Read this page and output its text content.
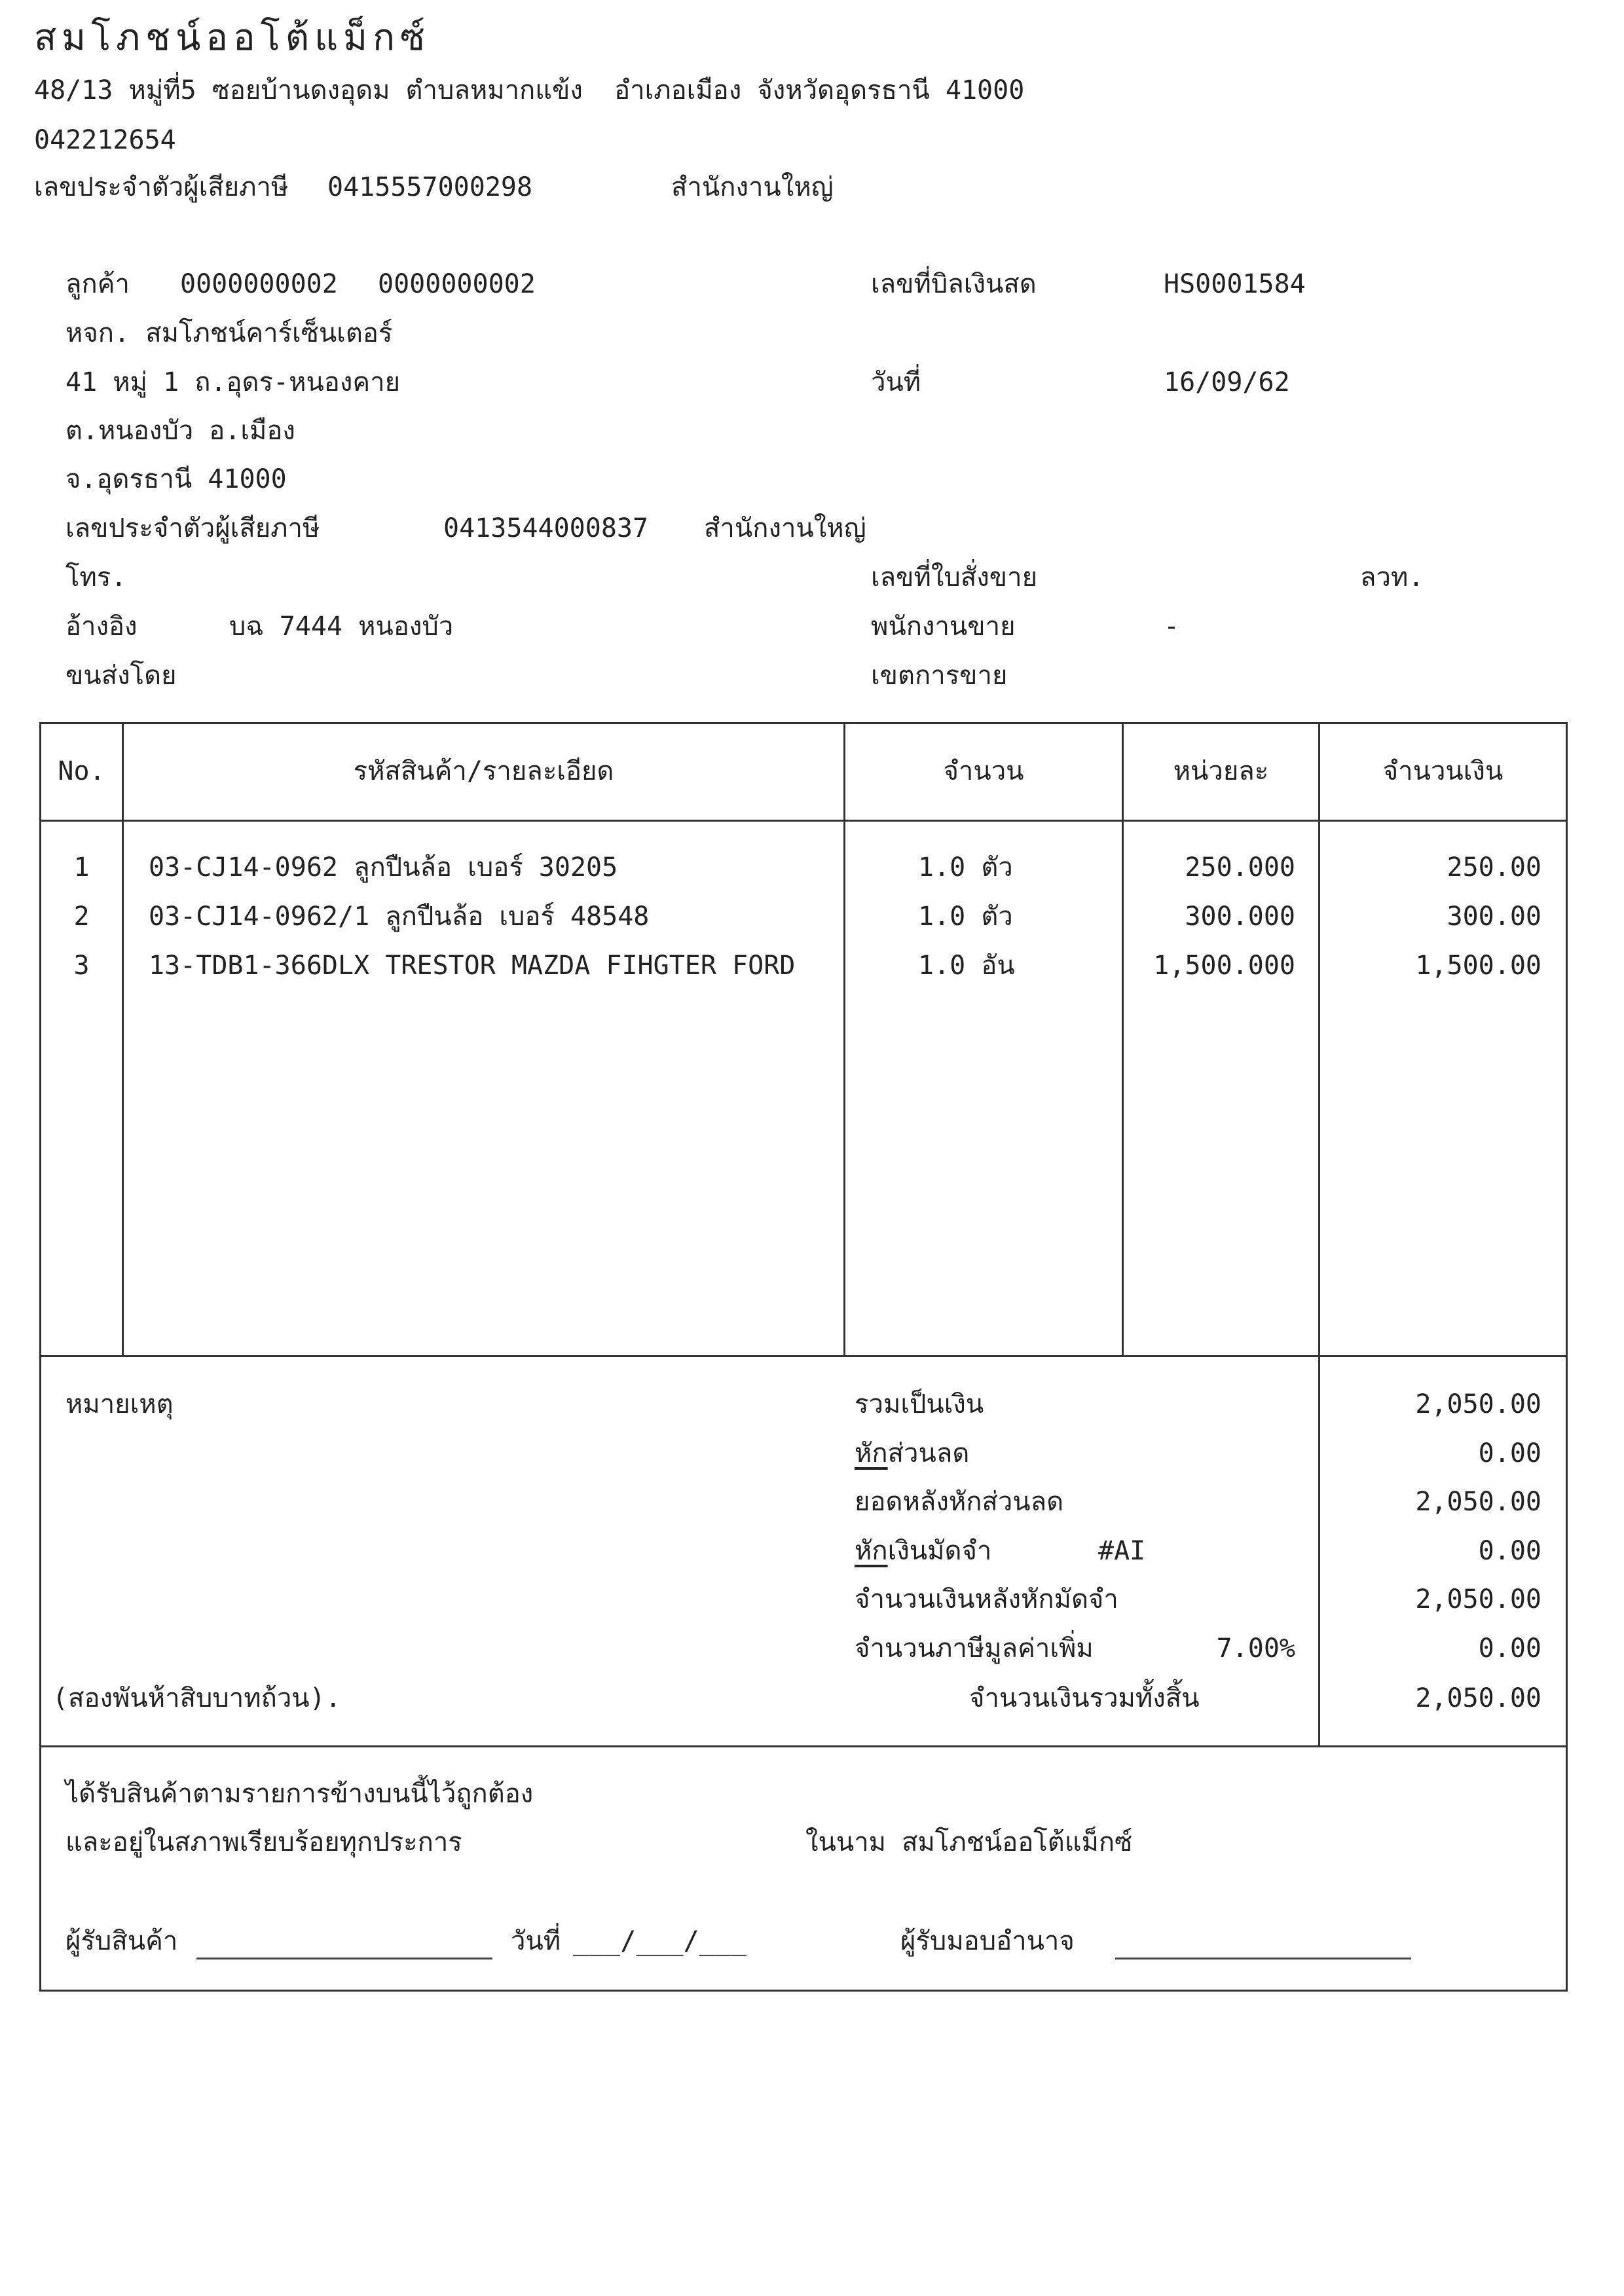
สมโภชน์ออโต้แม็กซ์
48/13 หมู่ที่5 ซอยบ้านดงอุดม ตำบลหมากแข้ง  อำเภอเมือง จังหวัดอุดรธานี 41000
042212654
เลขประจำตัวผู้เสียภาษี 0415557000298	สำนักงานใหญ่
ลูกค้า 0000000002 0000000002
หจก. สมโภชน์คาร์เซ็นเตอร์
41 หมู่ 1 ถ.อุดร-หนองคาย
ต.หนองบัว อ.เมือง
จ.อุดรธานี 41000
เลขประจำตัวผู้เสียภาษี	0413544000837 สำนักงานใหญ่
โทร.
อ้างอิง	บฉ 7444 หนองบัว
ขนส่งโดย
เลขที่บิลเงินสด	HS0001584
วันที่	16/09/62
เลขที่ใบสั่งขาย	ลวท.
พนักงานขาย	-
เขตการขาย
No.	รหัสสินค้า/รายละเอียด	จำนวน	หน่วยละ	จำนวนเงิน
1	03-CJ14-0962 ลูกปืนล้อ เบอร์ 30205	1.0 ตัว	250.000	250.00
2	03-CJ14-0962/1 ลูกปืนล้อ เบอร์ 48548	1.0 ตัว	300.000	300.00
3	13-TDB1-366DLX TRESTOR MAZDA FIHGTER FORD	1.0 อัน	1,500.000	1,500.00
หมายเหตุ	รวมเป็นเงิน	2,050.00
หักส่วนลด	0.00
ยอดหลังหักส่วนลด	2,050.00
หักเงินมัดจำ	#AI	0.00
จำนวนเงินหลังหักมัดจำ	2,050.00
จำนวนภาษีมูลค่าเพิ่ม	7.00%	0.00
(สองพันห้าสิบบาทถ้วน).	จำนวนเงินรวมทั้งสิ้น	2,050.00
ได้รับสินค้าตามรายการข้างบนนี้ไว้ถูกต้อง
และอยู่ในสภาพเรียบร้อยทุกประการ	ในนาม สมโภชน์ออโต้แม็กซ์
ผู้รับสินค้า	วันที่ ___/___/___	ผู้รับมอบอำนาจ
